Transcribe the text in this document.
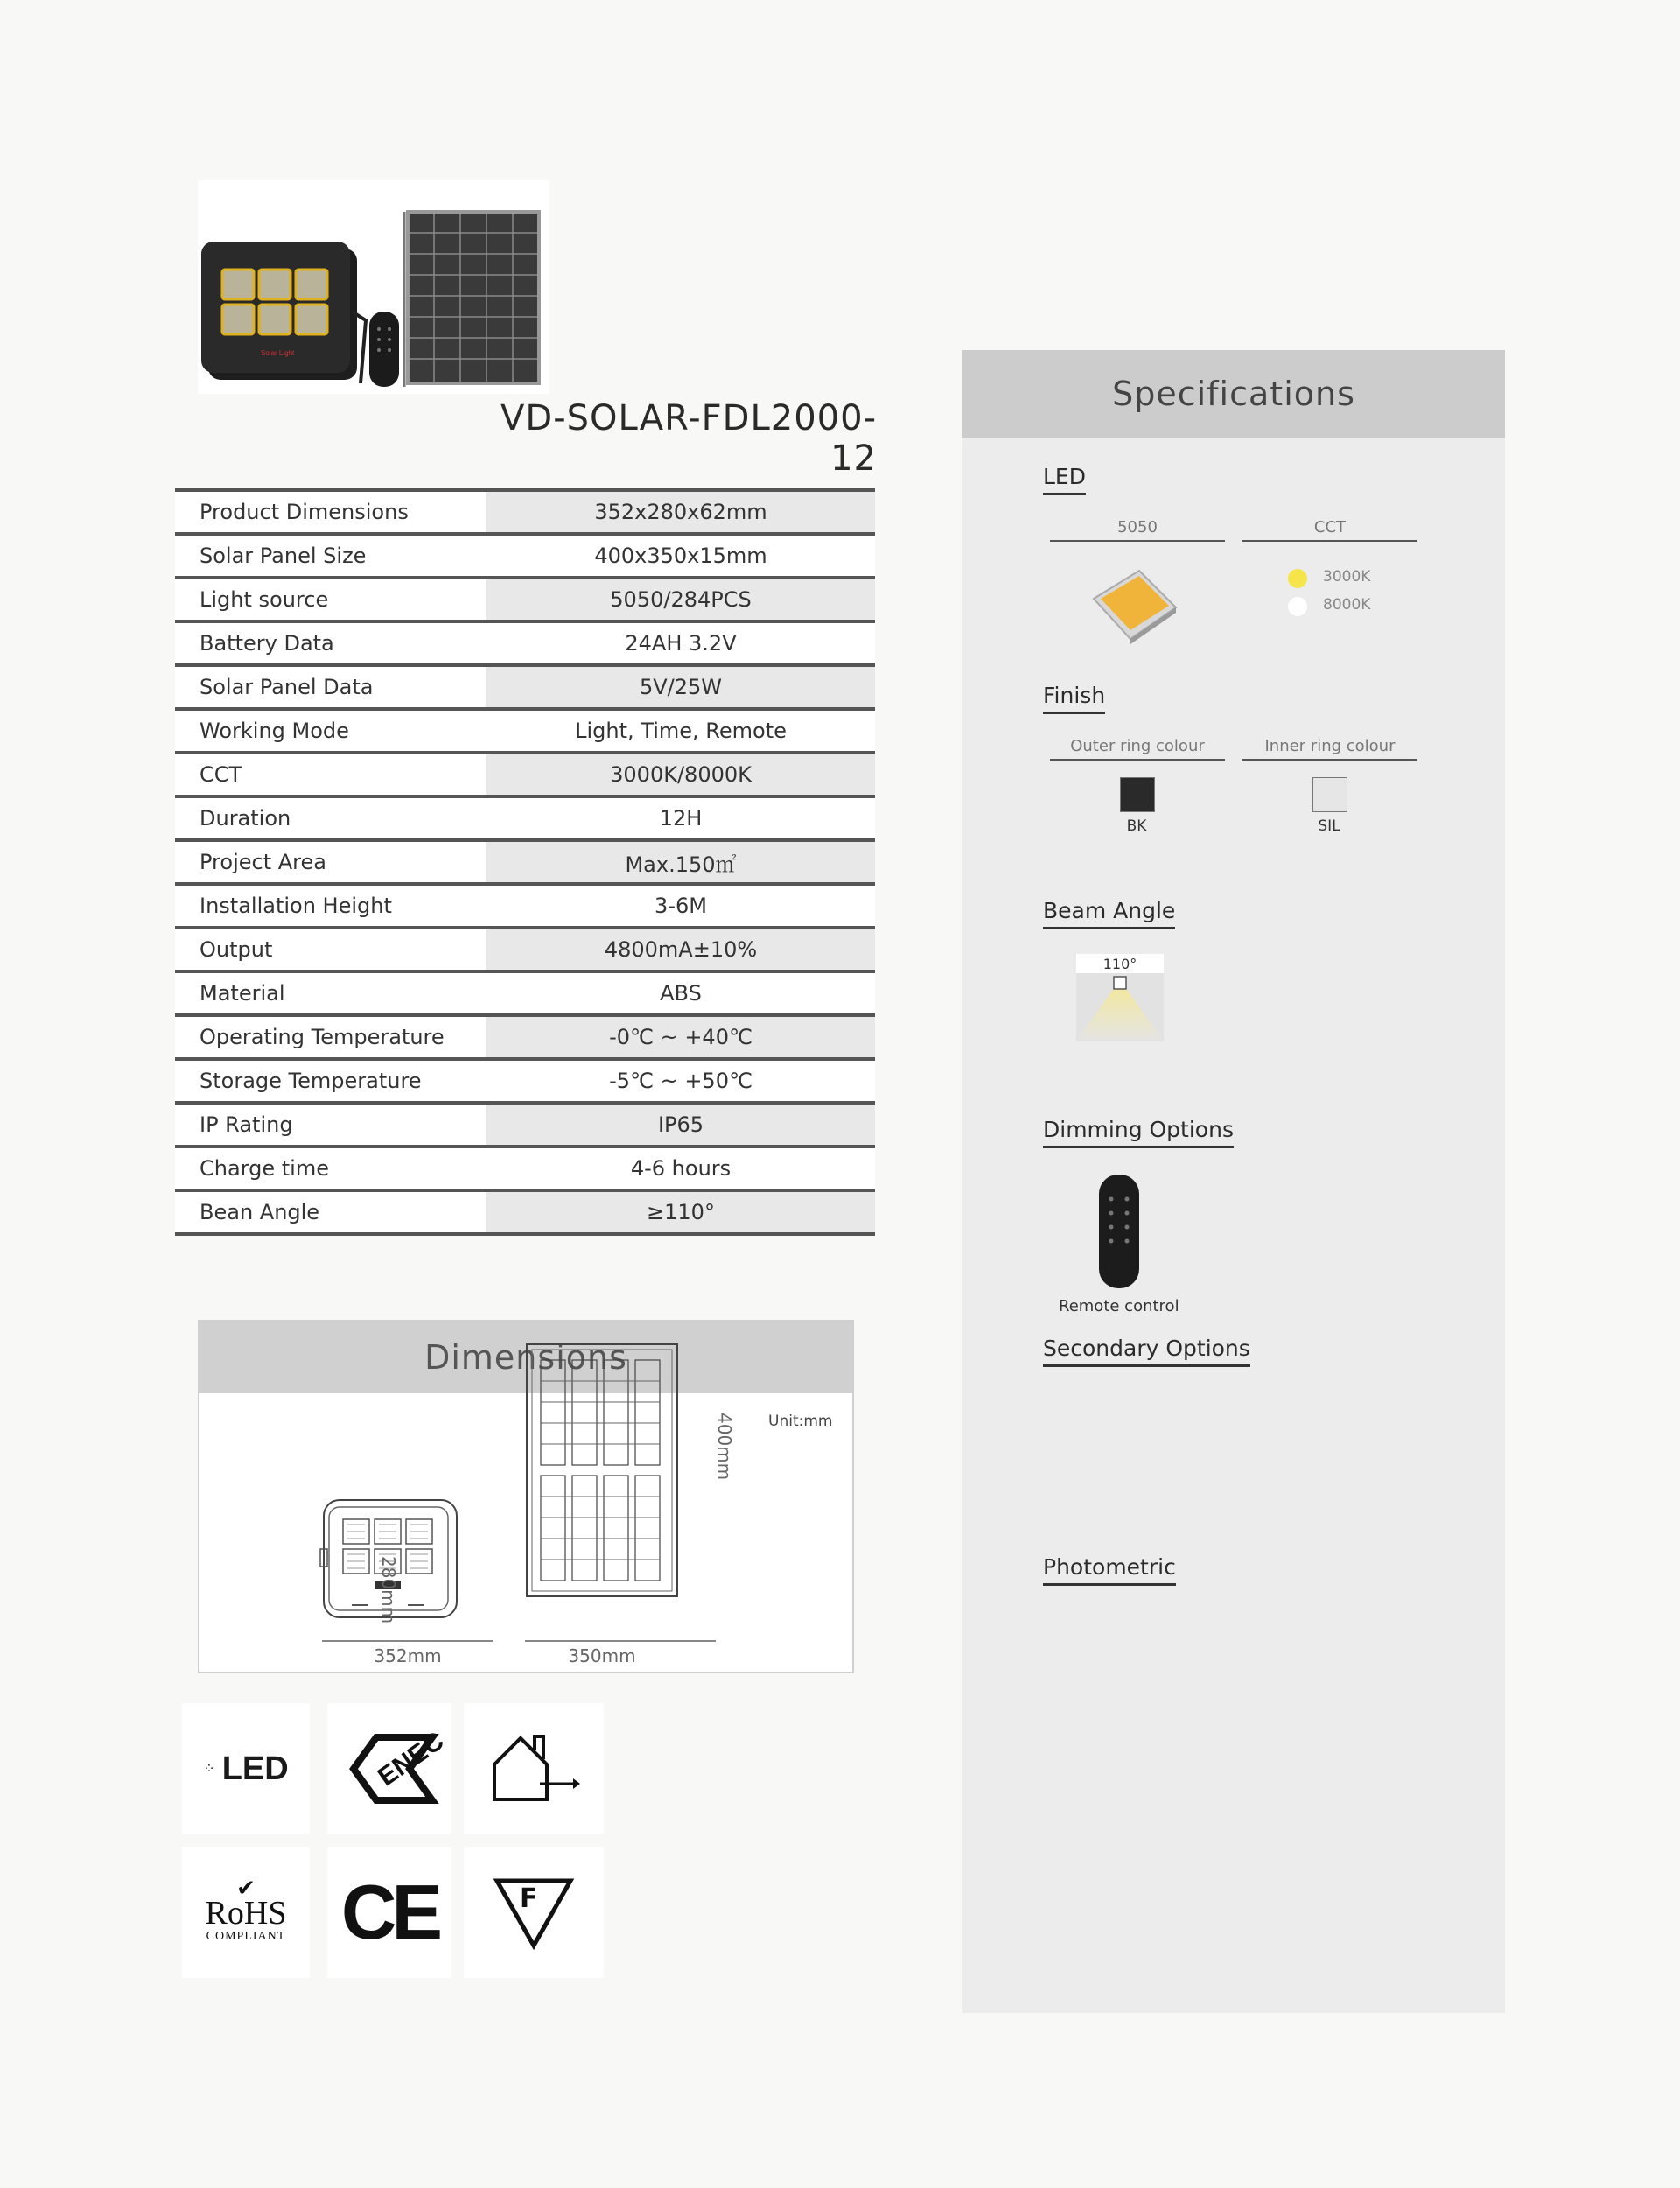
Solar Light
VD-SOLAR-FDL2000-12
Product Dimensions	352x280x62mm
Solar Panel Size	400x350x15mm
Light source	5050/284PCS
Battery Data	24AH 3.2V
Solar Panel Data	5V/25W
Working Mode	Light, Time, Remote
CCT	3000K/8000K
Duration	12H
Project Area	Max.150㎡
Installation Height	3-6M
Output	4800mA±10%
Material	ABS
Operating Temperature	-0℃ ~ +40℃
Storage Temperature	-5℃ ~ +50℃
IP Rating	IP65
Charge time	4-6 hours
Bean Angle	≥110°
Dimensions
Unit:mm
280mm
352mm
400mm
350mm
⁘ LED	ENEC
✔
RoHS
COMPLIANT CE	F
Specifications
LED
5050	CCT
3000K
8000K
Finish
Outer ring colour	Inner ring colour
BK	SIL
Beam Angle
110°
Dimming Options
Remote control
Secondary Options
Photometric
